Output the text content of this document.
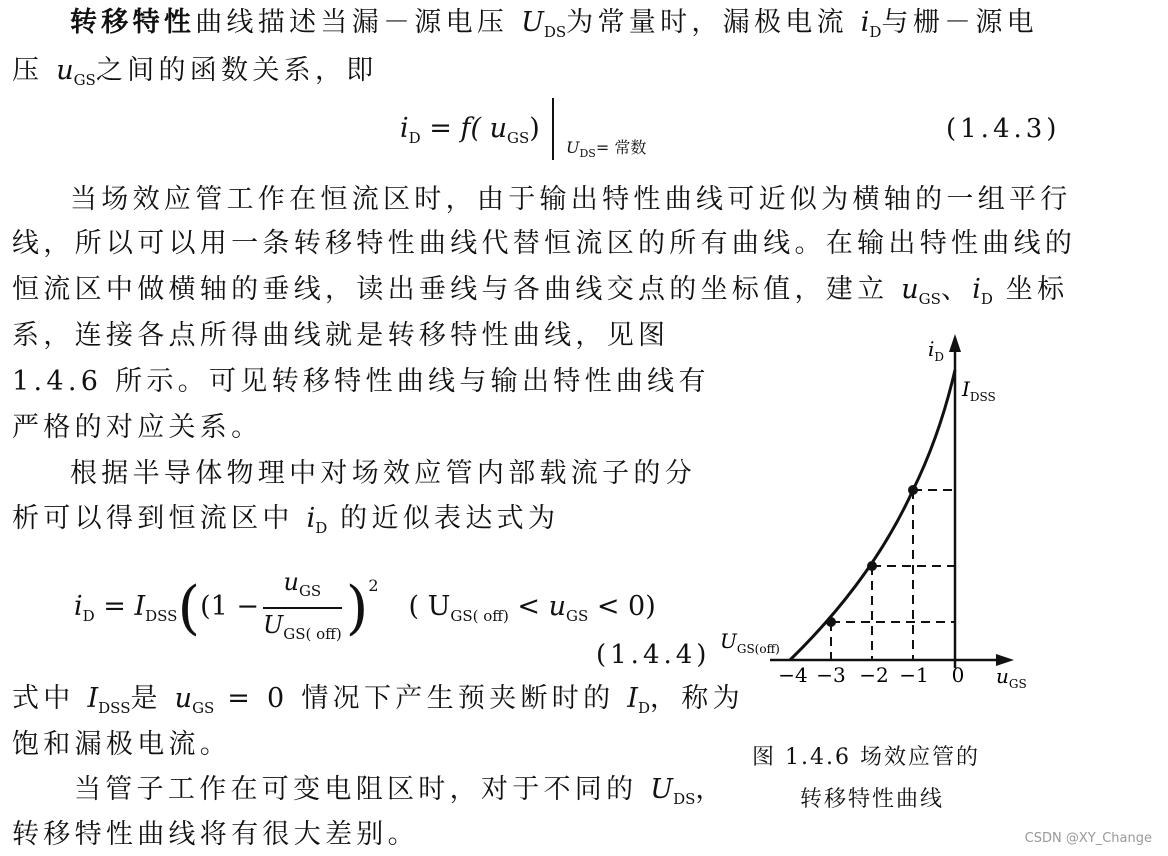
转移特性曲线描述当漏－源电压 $U_{DS}$为常量时，漏极电流 $i_D$与栅－源电
压 $u_{GS}$之间的函数关系，即
$i_D = f$( $u_{GS}$)
$U_{DS}=$ 常数
(1.4.3)
当场效应管工作在恒流区时，由于输出特性曲线可近似为横轴的一组平行
线，所以可以用一条转移特性曲线代替恒流区的所有曲线。在输出特性曲线的
恒流区中做横轴的垂线，读出垂线与各曲线交点的坐标值，建立 $u_{GS}$、$i_D$ 坐标
系，连接各点所得曲线就是转移特性曲线，见图
1.4.6 所示。可见转移特性曲线与输出特性曲线有
严格的对应关系。
根据半导体物理中对场效应管内部载流子的分
析可以得到恒流区中 $i_D$ 的近似表达式为
$i_D = I_{DSS}((1 - \frac{u_{GS}}{U_{GS( off)}} )^2$( $U_{GS( off)} < u_{GS} < 0$)
(1.4.4)
式中 $I_{DSS}$是 $u_{GS} = 0$ 情况下产生预夹断时的 $I_D$，称为
饱和漏极电流。
当管子工作在可变电阻区时，对于不同的 $U_{DS}$，
转移特性曲线将有很大差别。
$i_D$
$I_{DSS}$
$U_{GS(off)}$
$u_{GS}$
−4 −3 −2 −1 0
图 1.4.6 场效应管的
转移特性曲线
CSDN @XY_Change
